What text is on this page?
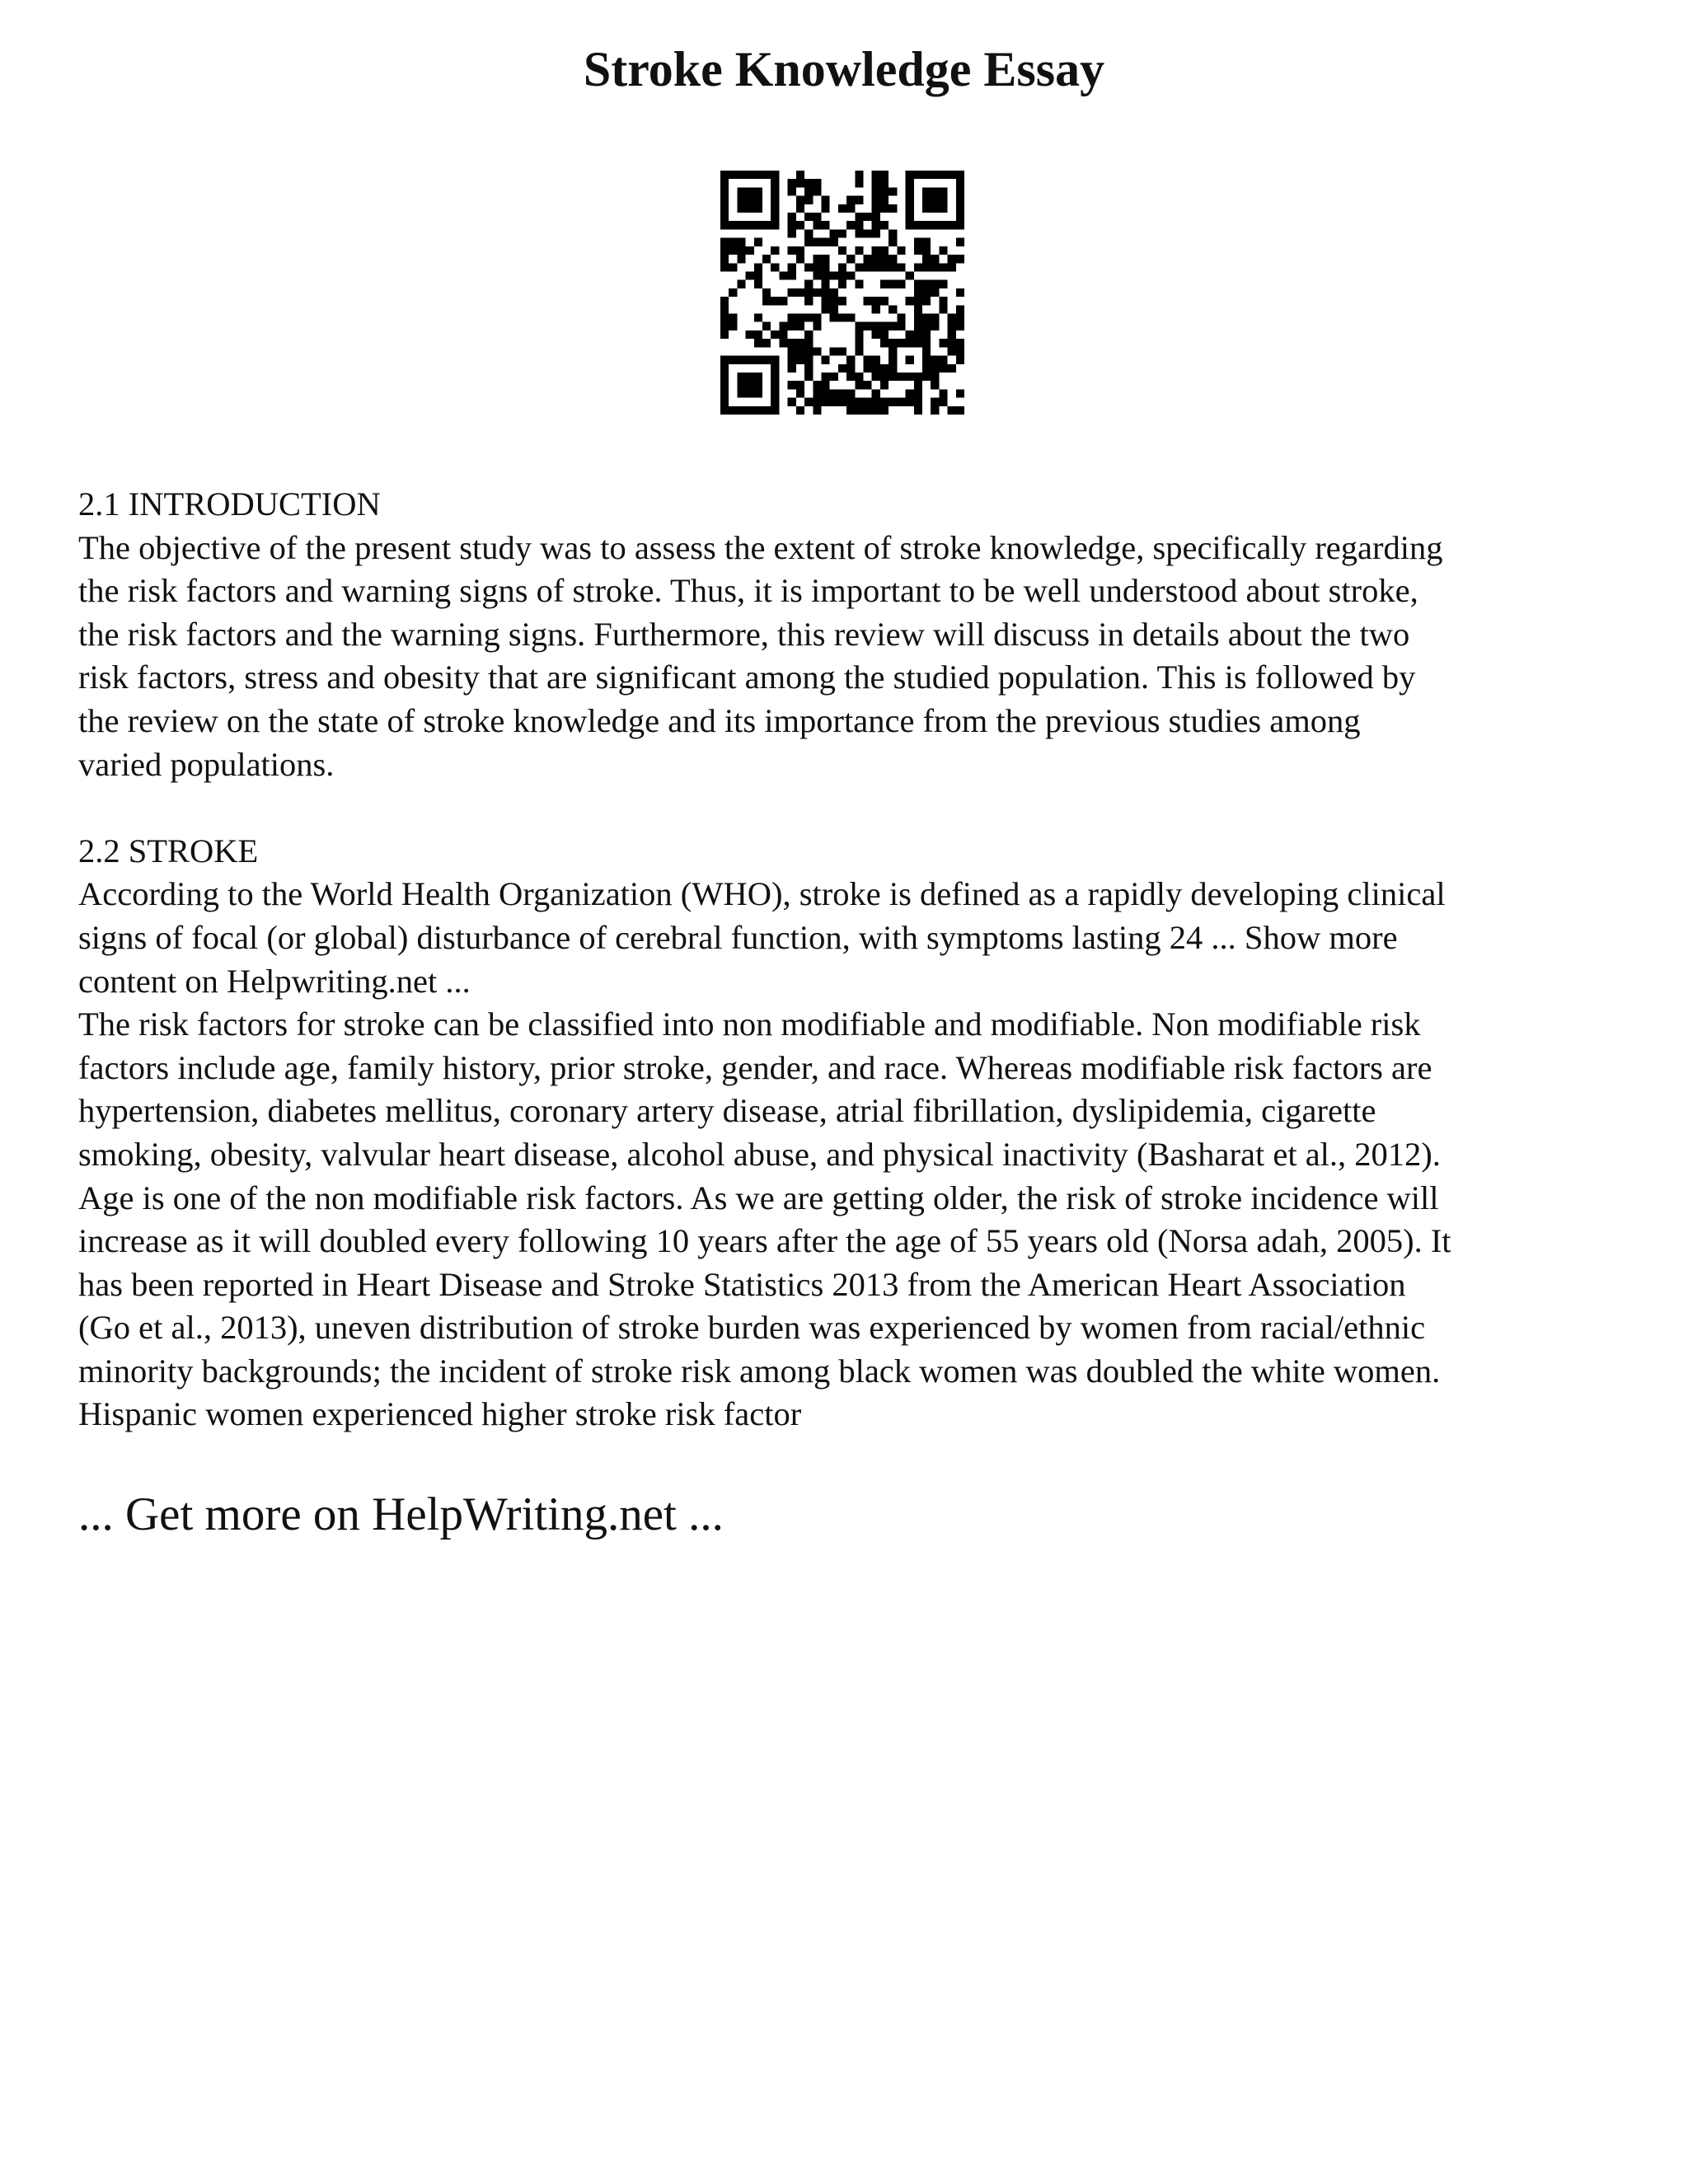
Stroke Knowledge Essay
2.1 INTRODUCTION
The objective of the present study was to assess the extent of stroke knowledge, specifically regarding
the risk factors and warning signs of stroke. Thus, it is important to be well understood about stroke,
the risk factors and the warning signs. Furthermore, this review will discuss in details about the two
risk factors, stress and obesity that are significant among the studied population. This is followed by
the review on the state of stroke knowledge and its importance from the previous studies among
varied populations.
2.2 STROKE
According to the World Health Organization (WHO), stroke is defined as a rapidly developing clinical
signs of focal (or global) disturbance of cerebral function, with symptoms lasting 24 ... Show more
content on Helpwriting.net ...
The risk factors for stroke can be classified into non modifiable and modifiable. Non modifiable risk
factors include age, family history, prior stroke, gender, and race. Whereas modifiable risk factors are
hypertension, diabetes mellitus, coronary artery disease, atrial fibrillation, dyslipidemia, cigarette
smoking, obesity, valvular heart disease, alcohol abuse, and physical inactivity (Basharat et al., 2012).
Age is one of the non modifiable risk factors. As we are getting older, the risk of stroke incidence will
increase as it will doubled every following 10 years after the age of 55 years old (Norsa adah, 2005). It
has been reported in Heart Disease and Stroke Statistics 2013 from the American Heart Association
(Go et al., 2013), uneven distribution of stroke burden was experienced by women from racial/ethnic
minority backgrounds; the incident of stroke risk among black women was doubled the white women.
Hispanic women experienced higher stroke risk factor
... Get more on HelpWriting.net ...
